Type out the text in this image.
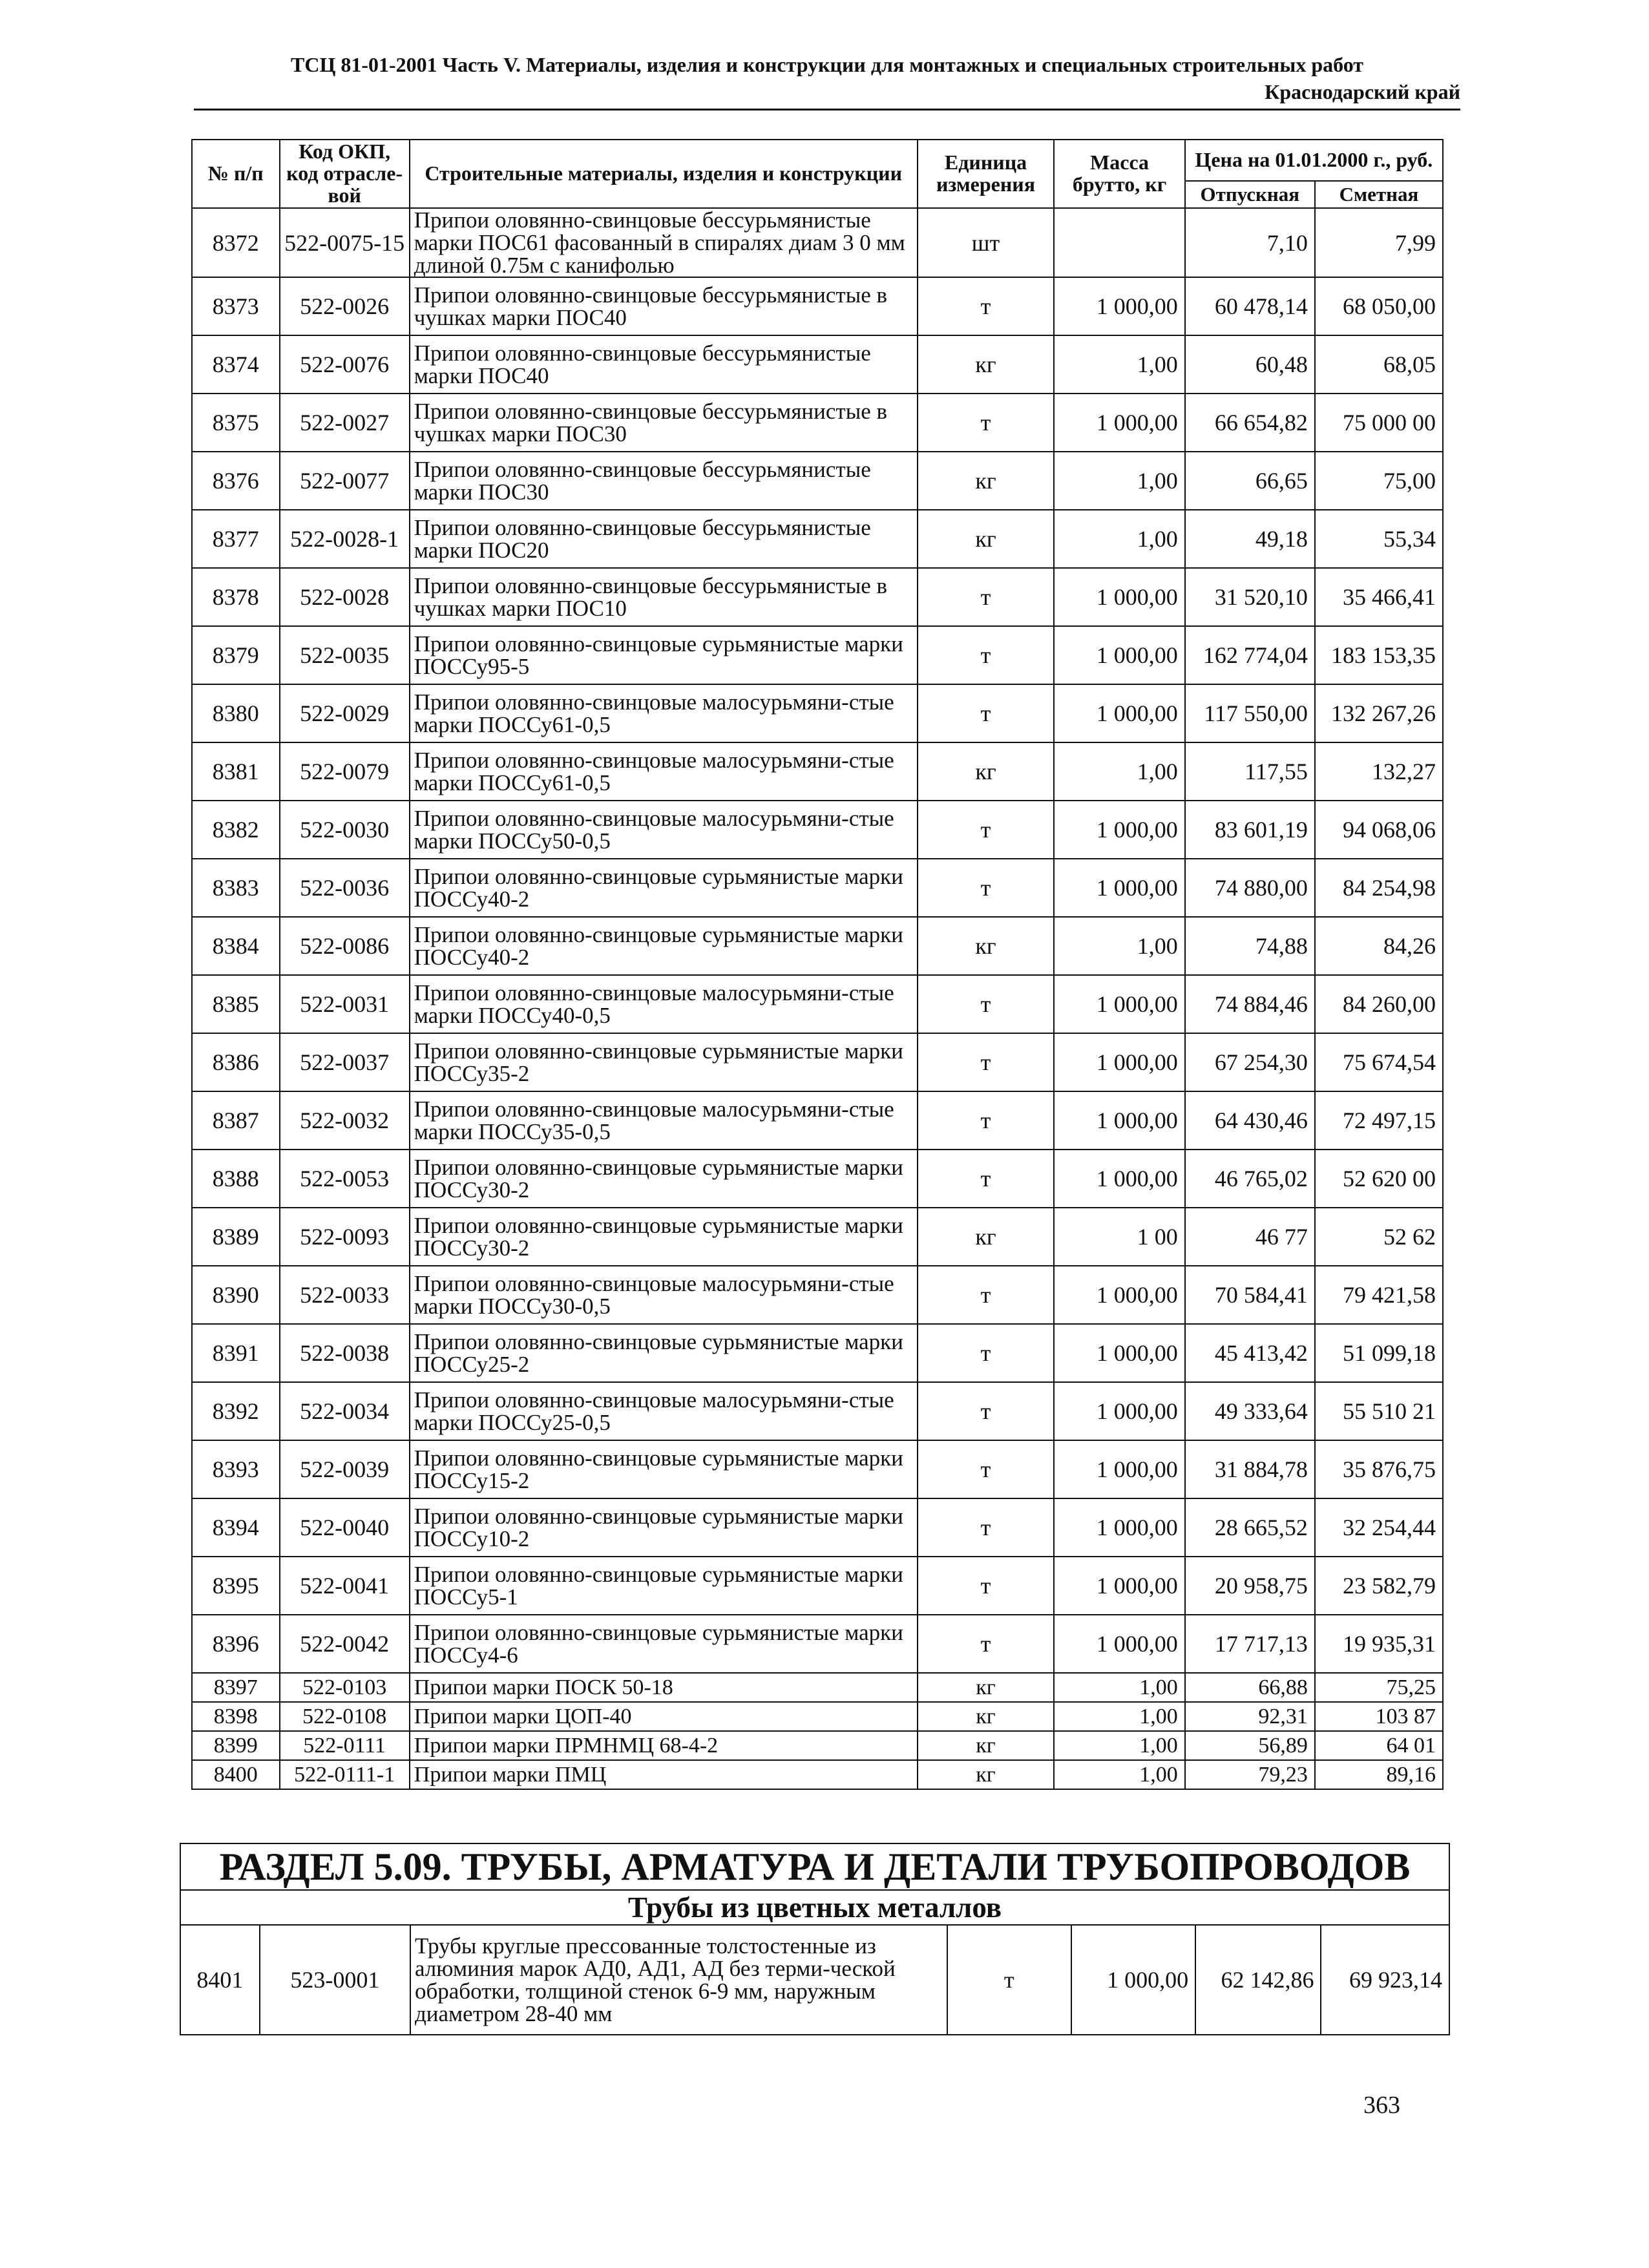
ТСЦ 81-01-2001 Часть V. Материалы, изделия и конструкции для монтажных и специальных строительных работ
Краснодарский край
№ п/п	Код ОКП, код отрасле-вой	Строительные материалы, изделия и конструкции	Единица измерения	Масса брутто, кг	Цена на 01.01.2000 г., руб.	
					Отпускная	Сметная
8372	522-0075-15	Припои оловянно-свинцовые бессурьмянистые марки ПОС61 фасованный в спиралях диам 3 0 мм длиной 0.75м с канифолью	шт		7,10	7,99
8373	522-0026	Припои оловянно-свинцовые бессурьмянистые в чушках марки ПОС40	т	1 000,00	60 478,14	68 050,00
8374	522-0076	Припои оловянно-свинцовые бессурьмянистые марки ПОС40	кг	1,00	60,48	68,05
8375	522-0027	Припои оловянно-свинцовые бессурьмянистые в чушках марки ПОС30	т	1 000,00	66 654,82	75 000 00
8376	522-0077	Припои оловянно-свинцовые бессурьмянистые марки ПОС30	кг	1,00	66,65	75,00
8377	522-0028-1	Припои оловянно-свинцовые бессурьмянистые марки ПОС20	кг	1,00	49,18	55,34
8378	522-0028	Припои оловянно-свинцовые бессурьмянистые в чушках марки ПОС10	т	1 000,00	31 520,10	35 466,41
8379	522-0035	Припои оловянно-свинцовые сурьмянистые марки ПОССу95-5	т	1 000,00	162 774,04	183 153,35
8380	522-0029	Припои оловянно-свинцовые малосурьмяни-стые марки ПОССу61-0,5	т	1 000,00	117 550,00	132 267,26
8381	522-0079	Припои оловянно-свинцовые малосурьмяни-стые марки ПОССу61-0,5	кг	1,00	117,55	132,27
8382	522-0030	Припои оловянно-свинцовые малосурьмяни-стые марки ПОССу50-0,5	т	1 000,00	83 601,19	94 068,06
8383	522-0036	Припои оловянно-свинцовые сурьмянистые марки ПОССу40-2	т	1 000,00	74 880,00	84 254,98
8384	522-0086	Припои оловянно-свинцовые сурьмянистые марки ПОССу40-2	кг	1,00	74,88	84,26
8385	522-0031	Припои оловянно-свинцовые малосурьмяни-стые марки ПОССу40-0,5	т	1 000,00	74 884,46	84 260,00
8386	522-0037	Припои оловянно-свинцовые сурьмянистые марки ПОССу35-2	т	1 000,00	67 254,30	75 674,54
8387	522-0032	Припои оловянно-свинцовые малосурьмяни-стые марки ПОССу35-0,5	т	1 000,00	64 430,46	72 497,15
8388	522-0053	Припои оловянно-свинцовые сурьмянистые марки ПОССу30-2	т	1 000,00	46 765,02	52 620 00
8389	522-0093	Припои оловянно-свинцовые сурьмянистые марки ПОССу30-2	кг	1 00	46 77	52 62
8390	522-0033	Припои оловянно-свинцовые малосурьмяни-стые марки ПОССу30-0,5	т	1 000,00	70 584,41	79 421,58
8391	522-0038	Припои оловянно-свинцовые сурьмянистые марки ПОССу25-2	т	1 000,00	45 413,42	51 099,18
8392	522-0034	Припои оловянно-свинцовые малосурьмяни-стые марки ПОССу25-0,5	т	1 000,00	49 333,64	55 510 21
8393	522-0039	Припои оловянно-свинцовые сурьмянистые марки ПОССу15-2	т	1 000,00	31 884,78	35 876,75
8394	522-0040	Припои оловянно-свинцовые сурьмянистые марки ПОССу10-2	т	1 000,00	28 665,52	32 254,44
8395	522-0041	Припои оловянно-свинцовые сурьмянистые марки ПОССу5-1	т	1 000,00	20 958,75	23 582,79
8396	522-0042	Припои оловянно-свинцовые сурьмянистые марки ПОССу4-6	т	1 000,00	17 717,13	19 935,31
8397	522-0103	Припои марки ПОСК 50-18	кг	1,00	66,88	75,25
8398	522-0108	Припои марки ЦОП-40	кг	1,00	92,31	103 87
8399	522-0111	Припои марки ПРМНМЦ 68-4-2	кг	1,00	56,89	64 01
8400	522-0111-1	Припои марки ПМЦ	кг	1,00	79,23	89,16
РАЗДЕЛ 5.09. ТРУБЫ, АРМАТУРА И ДЕТАЛИ ТРУБОПРОВОДОВ
Трубы из цветных металлов
8401	523-0001	Трубы круглые прессованные толстостенные из алюминия марок АД0, АД1, АД без терми-ческой обработки, толщиной стенок 6-9 мм, наружным диаметром 28-40 мм	т	1 000,00	62 142,86	69 923,14
363
